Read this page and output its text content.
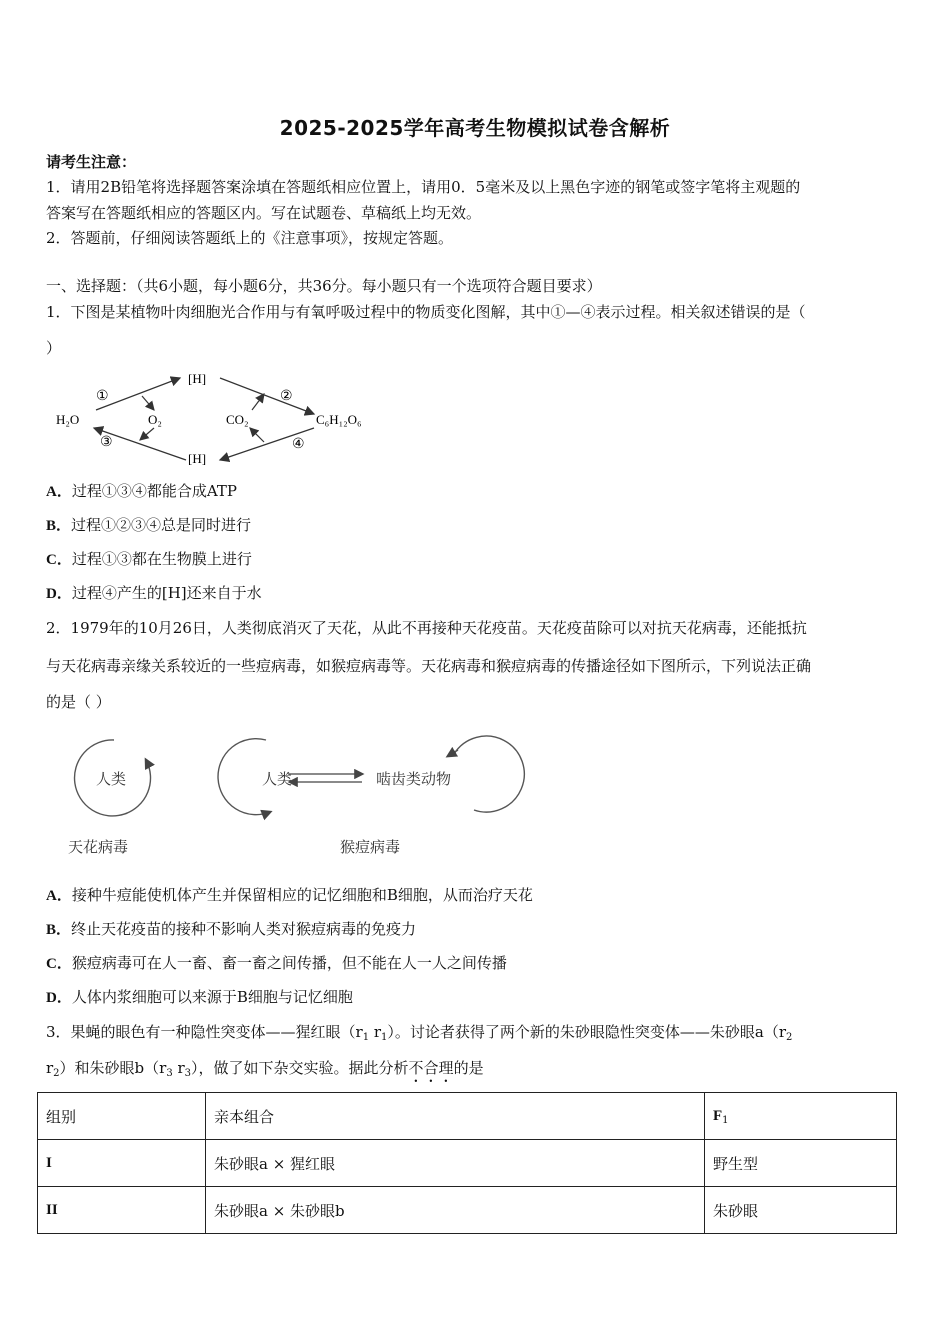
2025-2025学年高考生物模拟试卷含解析
请考生注意：
1．请用2B铅笔将选择题答案涂填在答题纸相应位置上，请用0．5毫米及以上黑色字迹的钢笔或签字笔将主观题的
答案写在答题纸相应的答题区内。写在试题卷、草稿纸上均无效。
2．答题前，仔细阅读答题纸上的《注意事项》，按规定答题。
一、选择题：（共6小题，每小题6分，共36分。每小题只有一个选项符合题目要求）
1．下图是某植物叶肉细胞光合作用与有氧呼吸过程中的物质变化图解，其中①—④表示过程。相关叙述错误的是（
）
H₂O	O₂	CO₂	C₆H₁₂O₆
[H]
[H]
①	②
③	④
A．过程①③④都能合成ATP
B．过程①②③④总是同时进行
C．过程①③都在生物膜上进行
D．过程④产生的[H]还来自于水
2．1979年的10月26日，人类彻底消灭了天花，从此不再接种天花疫苗。天花疫苗除可以对抗天花病毒，还能抵抗
与天花病毒亲缘关系较近的一些痘病毒，如猴痘病毒等。天花病毒和猴痘病毒的传播途径如下图所示，下列说法正确
的是（ ）
人类	人类	啮齿类动物
天花病毒	猴痘病毒
A．接种牛痘能使机体产生并保留相应的记忆细胞和B细胞，从而治疗天花
B．终止天花疫苗的接种不影响人类对猴痘病毒的免疫力
C．猴痘病毒可在人一畜、畜一畜之间传播，但不能在人一人之间传播
D．人体内浆细胞可以来源于B细胞与记忆细胞
3．果蝇的眼色有一种隐性突变体——猩红眼（$r_1$ $r_1$）。讨论者获得了两个新的朱砂眼隐性突变体——朱砂眼$a(r_2$
$r_2$）和朱砂眼$b(r_3$ $r_3$），做了如下杂交实验。据此分析不合理的是
组别	亲本组合	$F_1$
I	朱砂眼a × 猩红眼	野生型
II	朱砂眼a × 朱砂眼b	朱砂眼
